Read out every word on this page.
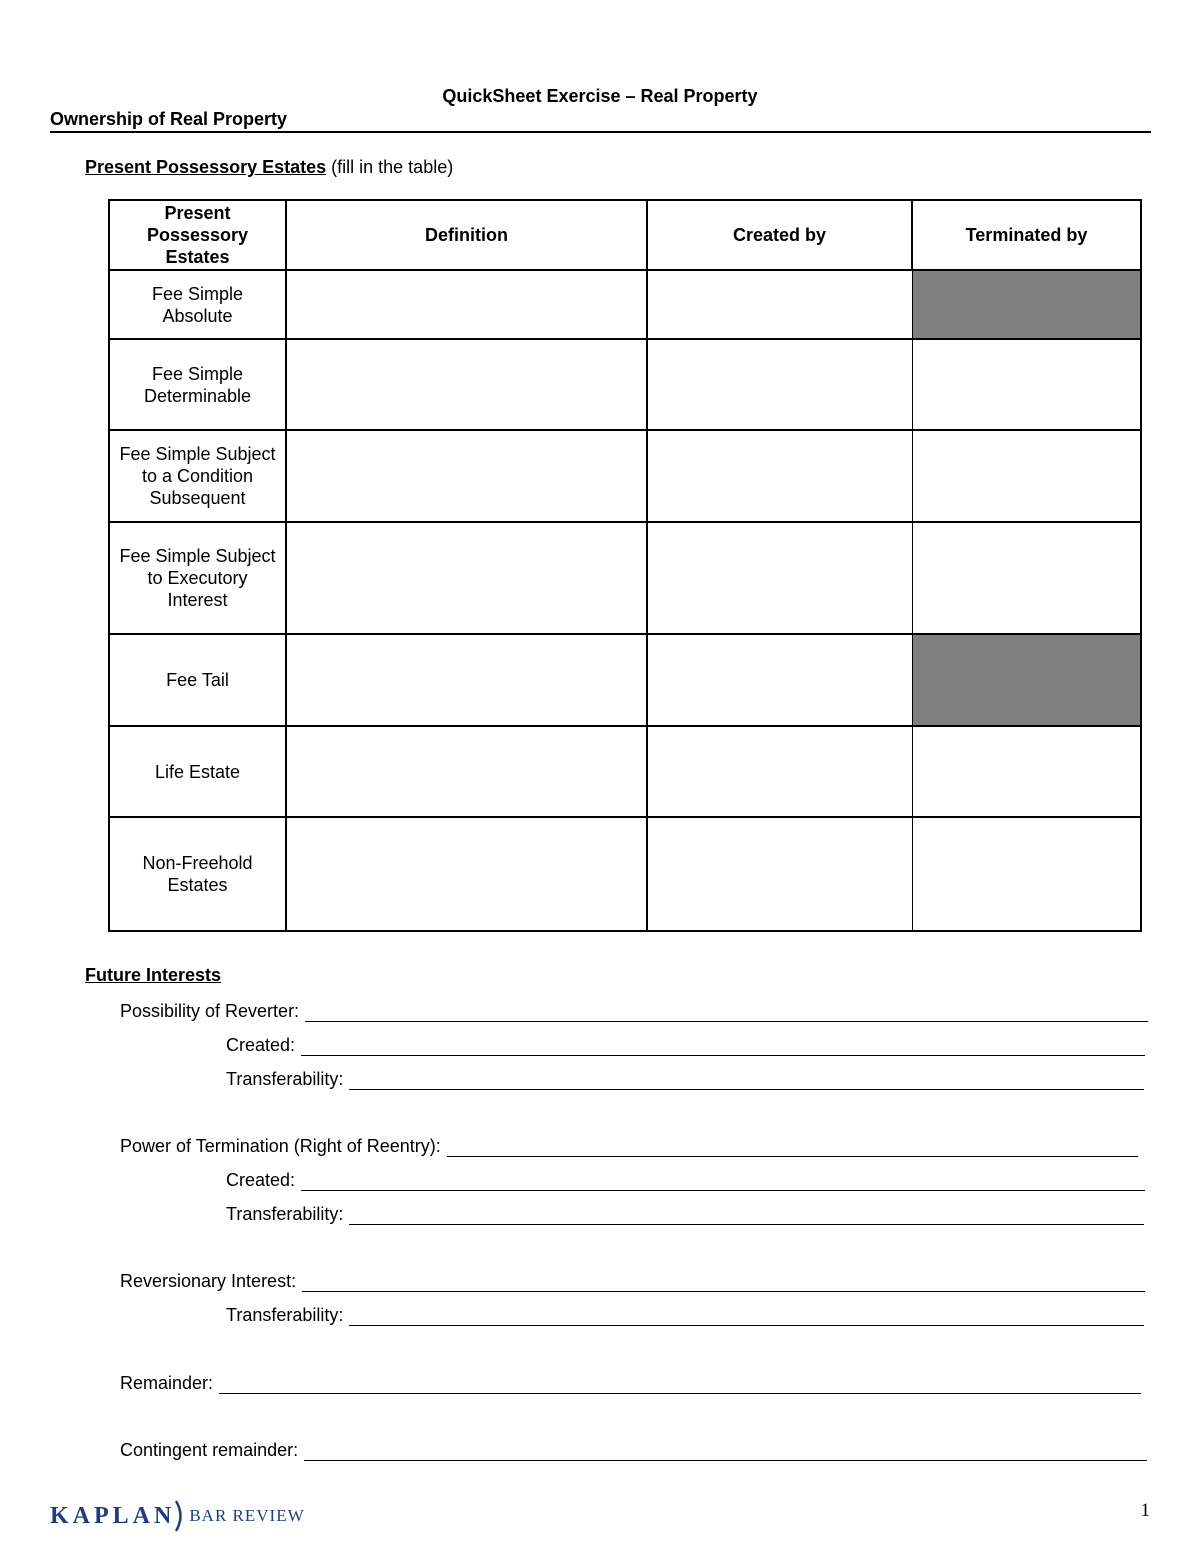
QuickSheet Exercise – Real Property
Ownership of Real Property
Present Possessory Estates (fill in the table)
Present Possessory Estates	Definition	Created by	Terminated by
Fee Simple Absolute			
Fee Simple Determinable			
Fee Simple Subject to a Condition Subsequent			
Fee Simple Subject to Executory Interest			
Fee Tail			
Life Estate			
Non-Freehold Estates			
Future Interests
Possibility of Reverter:
Created:
Transferability:
Power of Termination (Right of Reentry):
Created:
Transferability:
Reversionary Interest:
Transferability:
Remainder:
Contingent remainder:
KAPLAN BAR REVIEW	1
